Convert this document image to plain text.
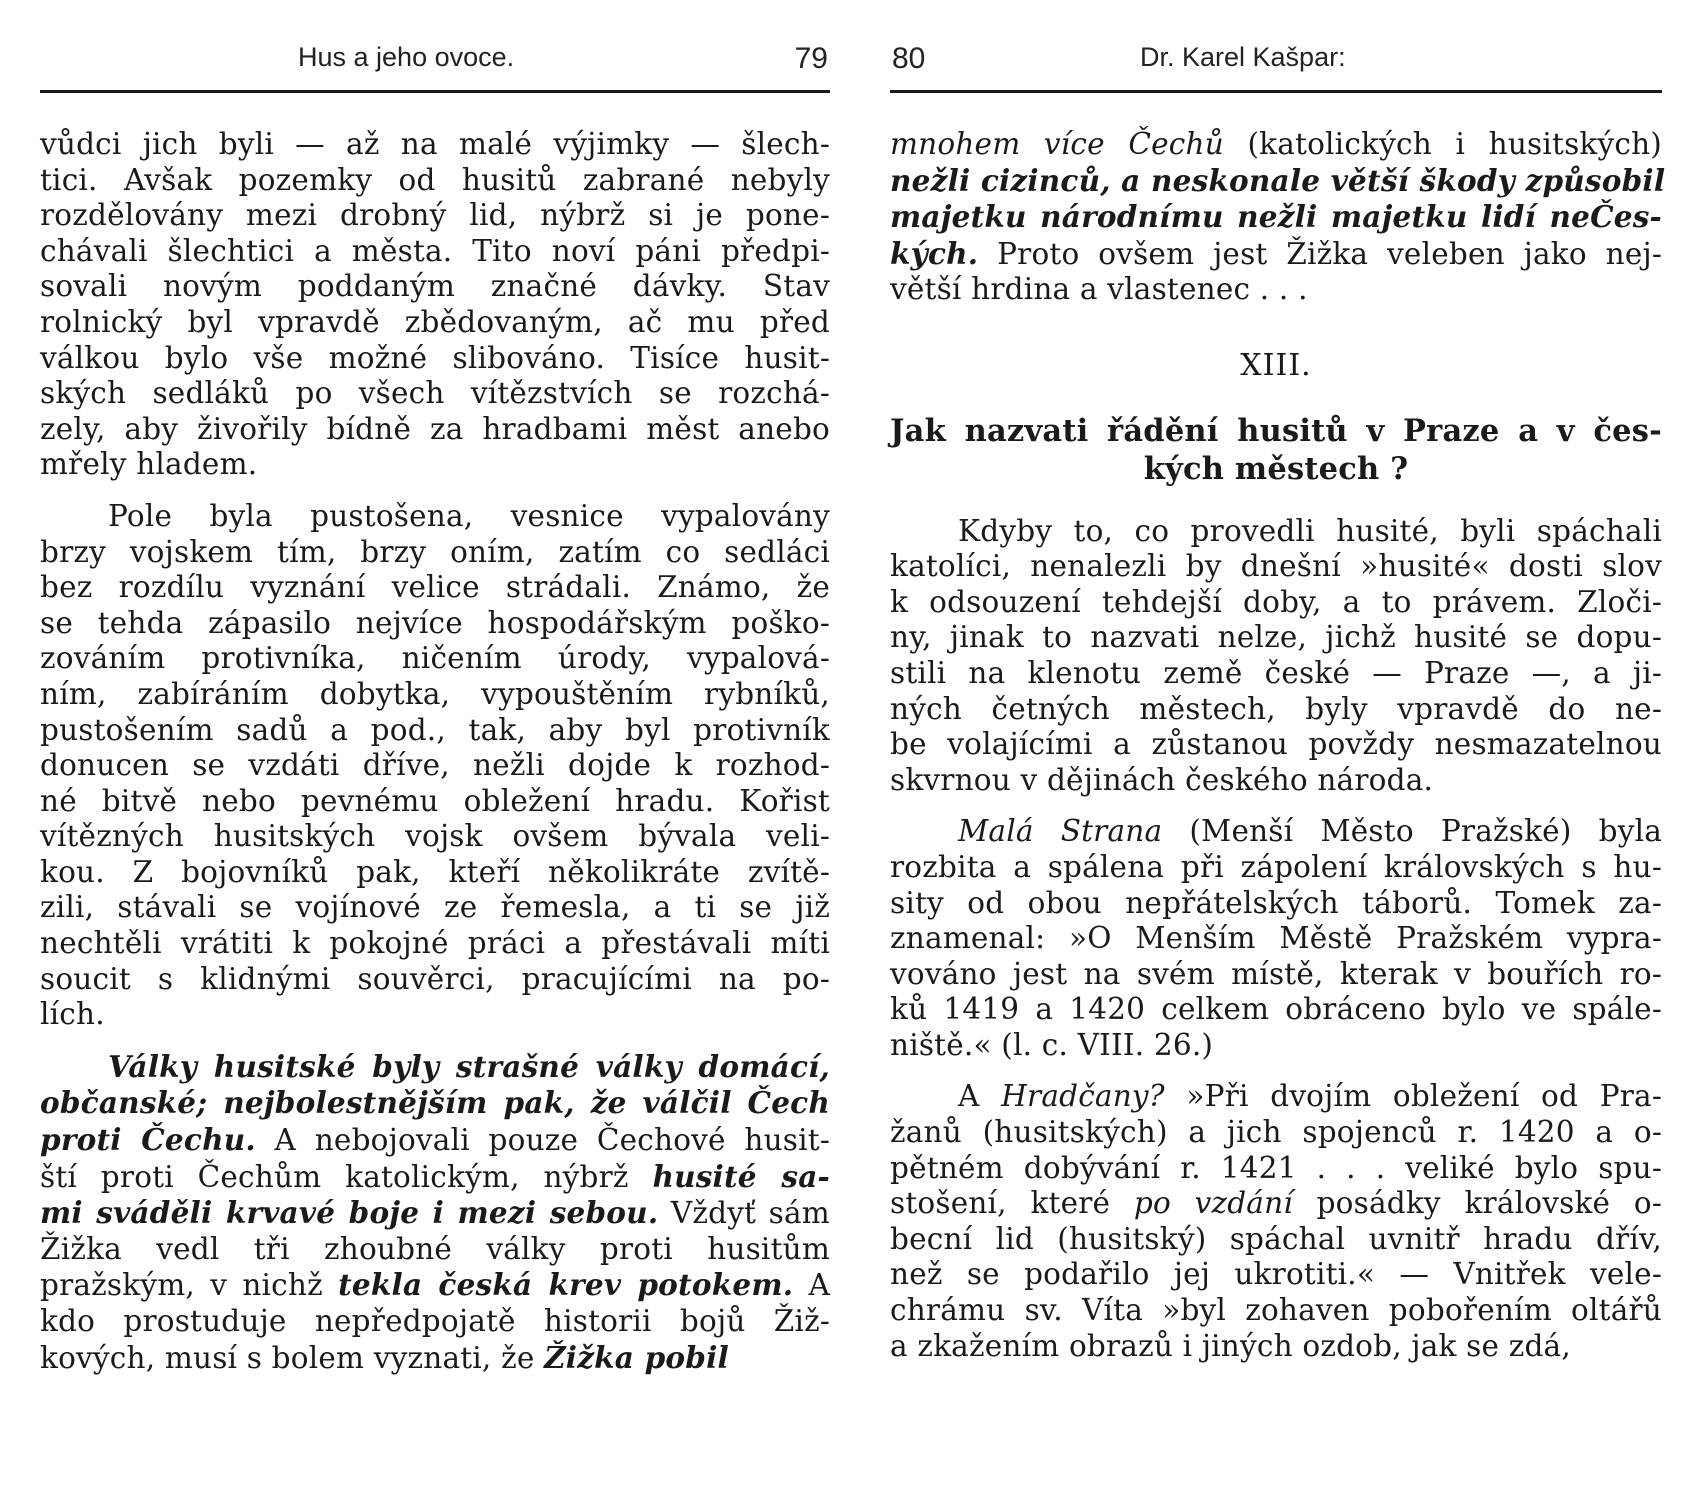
Hus a jeho ovoce.	79
vůdci jich byli — až na malé výjimky — šlech-
tici. Avšak pozemky od husitů zabrané nebyly
rozdělovány mezi drobný lid, nýbrž si je pone-
chávali šlechtici a města. Tito noví páni předpi-
sovali novým poddaným značné dávky. Stav
rolnický byl vpravdě zbědovaným, ač mu před
válkou bylo vše možné slibováno. Tisíce husit-
ských sedláků po všech vítězstvích se rozchá-
zely, aby živořily bídně za hradbami měst anebo
mřely hladem.
Pole byla pustošena, vesnice vypalovány
brzy vojskem tím, brzy oním, zatím co sedláci
bez rozdílu vyznání velice strádali. Známo, že
se tehda zápasilo nejvíce hospodářským poško-
zováním protivníka, ničením úrody, vypalová-
ním, zabíráním dobytka, vypouštěním rybníků,
pustošením sadů a pod., tak, aby byl protivník
donucen se vzdáti dříve, nežli dojde k rozhod-
né bitvě nebo pevnému obležení hradu. Kořist
vítězných husitských vojsk ovšem bývala veli-
kou. Z bojovníků pak, kteří několikráte zvítě-
zili, stávali se vojínové ze řemesla, a ti se již
nechtěli vrátiti k pokojné práci a přestávali míti
soucit s klidnými souvěrci, pracujícími na po-
lích.
Války husitské byly strašné války domácí,
občanské; nejbolestnějším pak, že válčil Čech
proti Čechu. A nebojovali pouze Čechové husit-
ští proti Čechům katolickým, nýbrž husité sa-
mi sváděli krvavé boje i mezi sebou. Vždyť sám
Žižka vedl tři zhoubné války proti husitům
pražským, v nichž tekla česká krev potokem. A
kdo prostuduje nepředpojatě historii bojů Žiž-
kových, musí s bolem vyznati, že Žižka pobil
80	Dr. Karel Kašpar:
mnohem více Čechů (katolických i husitských)
nežli cizinců, a neskonale větší škody způsobil
majetku národnímu nežli majetku lidí neČes-
kých. Proto ovšem jest Žižka veleben jako nej-
větší hrdina a vlastenec . . .
XIII.
Jak nazvati řádění husitů v Praze a v čes-
kých městech ?
Kdyby to, co provedli husité, byli spáchali
katolíci, nenalezli by dnešní »husité« dosti slov
k odsouzení tehdejší doby, a to právem. Zloči-
ny, jinak to nazvati nelze, jichž husité se dopu-
stili na klenotu země české — Praze —, a ji-
ných četných městech, byly vpravdě do ne-
be volajícími a zůstanou povždy nesmazatelnou
skvrnou v dějinách českého národa.
Malá Strana (Menší Město Pražské) byla
rozbita a spálena při zápolení královských s hu-
sity od obou nepřátelských táborů. Tomek za-
znamenal: »O Menším Městě Pražském vypra-
vováno jest na svém místě, kterak v bouřích ro-
ků 1419 a 1420 celkem obráceno bylo ve spále-
niště.« (l. c. VIII. 26.)
A Hradčany? »Při dvojím obležení od Pra-
žanů (husitských) a jich spojenců r. 1420 a o-
pětném dobývání r. 1421 . . . veliké bylo spu-
stošení, které po vzdání posádky královské o-
becní lid (husitský) spáchal uvnitř hradu dřív,
než se podařilo jej ukrotiti.« — Vnitřek vele-
chrámu sv. Víta »byl zohaven pobořením oltářů
a zkažením obrazů i jiných ozdob, jak se zdá,
